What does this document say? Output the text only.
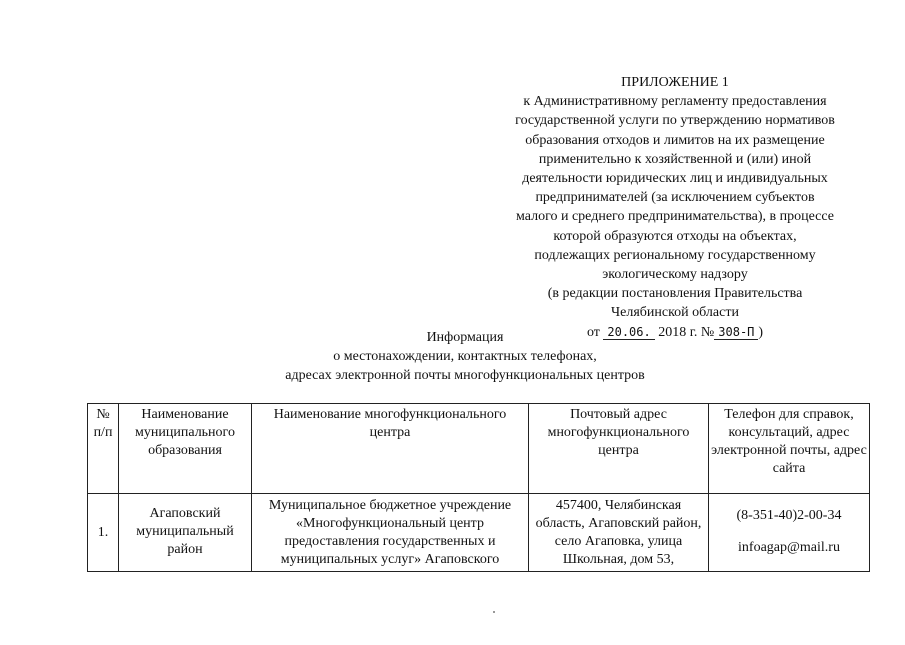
ПРИЛОЖЕНИЕ 1
к Административному регламенту предоставления
государственной услуги по утверждению нормативов
образования отходов и лимитов на их размещение
применительно к хозяйственной и (или) иной
деятельности юридических лиц и индивидуальных
предпринимателей (за исключением субъектов
малого и среднего предпринимательства), в процессе
которой образуются отходы на объектах,
подлежащих региональному государственному
экологическому надзору
(в редакции постановления Правительства
Челябинской области
от 20.06. 2018 г. № 308-П )
Информация
о местонахождении, контактных телефонах,
адресах электронной почты многофункциональных центров
№ п/п	Наименование муниципального образования	Наименование многофункционального центра	Почтовый адрес многофункционального центра	Телефон для справок, консультаций, адрес электронной почты, адрес сайта
1.	Агаповский муниципальный район	Муниципальное бюджетное учреждение «Многофункциональный центр предоставления государственных и муниципальных услуг» Агаповского	457400, Челябинская область, Агаповский район, село Агаповка, улица Школьная, дом 53,	(8-351-40)2-00-34
infoagap@mail.ru
